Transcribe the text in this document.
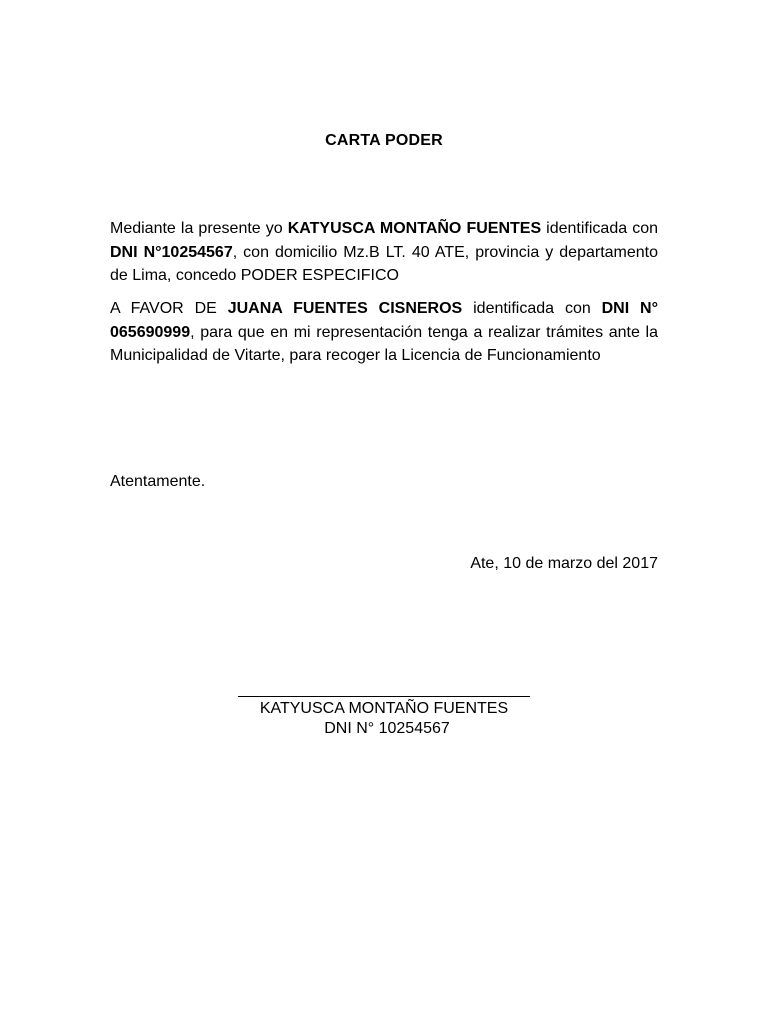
CARTA PODER
Mediante la presente yo KATYUSCA MONTAÑO FUENTES identificada con DNI N°10254567, con domicilio Mz.B LT. 40 ATE, provincia y departamento de Lima, concedo PODER ESPECIFICO
A FAVOR DE JUANA FUENTES CISNEROS identificada con DNI N° 065690999, para que en mi representación tenga a realizar trámites ante la Municipalidad de Vitarte, para recoger la Licencia de Funcionamiento
Atentamente.
Ate, 10 de marzo del 2017
KATYUSCA MONTAÑO FUENTES
DNI N° 10254567
